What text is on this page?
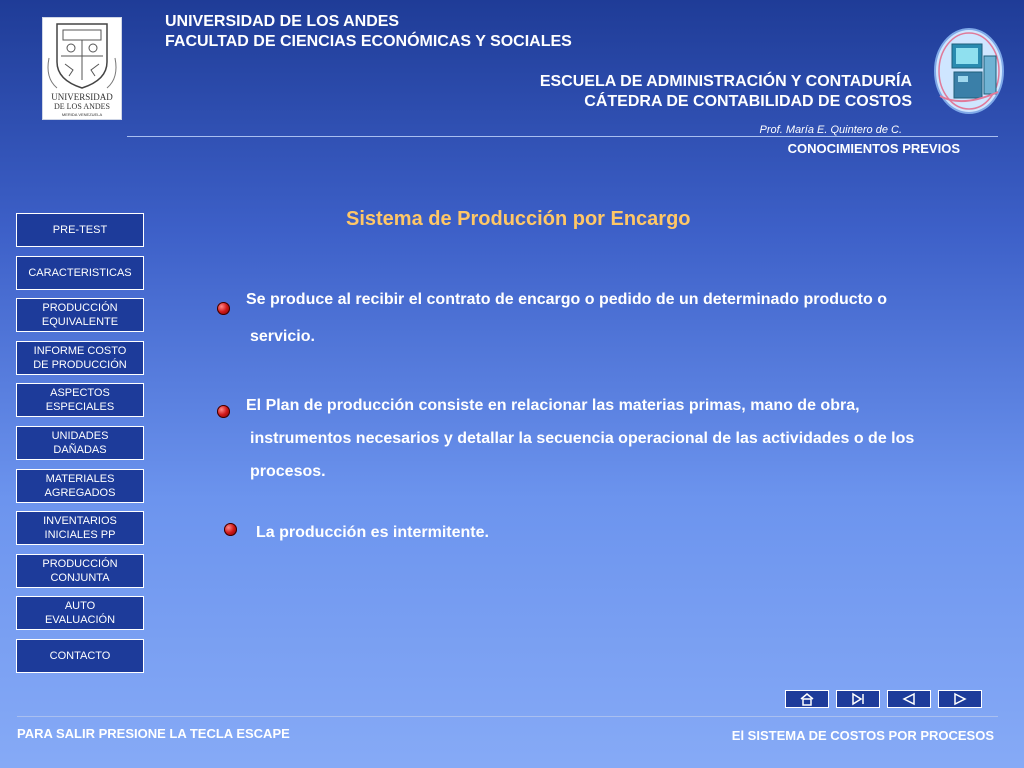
UNIVERSIDAD
DE LOS ANDES
MERIDA VENEZUELA
UNIVERSIDAD DE LOS ANDES
FACULTAD DE CIENCIAS ECONÓMICAS Y SOCIALES
ESCUELA DE ADMINISTRACIÓN Y CONTADURÍA
CÁTEDRA DE CONTABILIDAD DE COSTOS
Prof. María E. Quintero de C.
CONOCIMIENTOS PREVIOS
PRE-TEST
CARACTERISTICAS
PRODUCCIÓN
EQUIVALENTE
INFORME COSTO
DE PRODUCCIÓN
ASPECTOS
ESPECIALES
UNIDADES
DAÑADAS
MATERIALES
AGREGADOS
INVENTARIOS
INICIALES PP
PRODUCCIÓN
CONJUNTA
AUTO
EVALUACIÓN
CONTACTO
Sistema de Producción por Encargo
Se produce al recibir el contrato de encargo o pedido de un determinado producto o
servicio.
El Plan de producción consiste en relacionar las materias primas, mano de obra,
instrumentos necesarios y detallar la secuencia operacional de las actividades o de los
procesos.
La producción es intermitente.
PARA SALIR PRESIONE LA TECLA ESCAPE	El SISTEMA DE COSTOS POR PROCESOS
